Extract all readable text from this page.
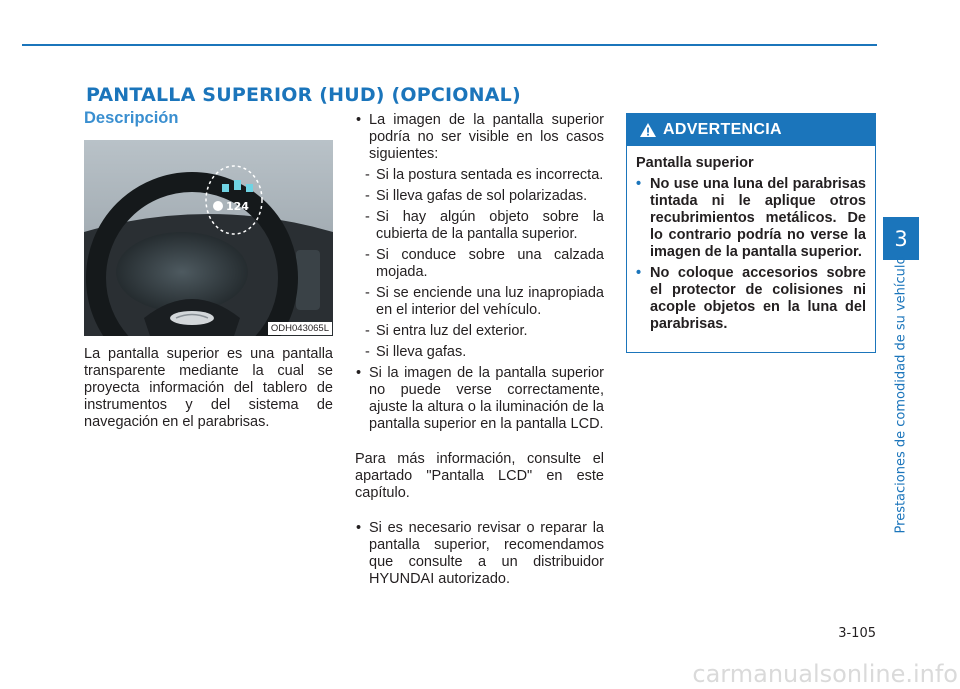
PANTALLA SUPERIOR (HUD) (OPCIONAL)
Descripción
124
ODH043065L

La pantalla superior es una pantalla transparente mediante la cual se proyecta información del tablero de instrumentos y del sistema de navegación en el parabrisas.

• La imagen de la pantalla superior podría no ser visible en los casos siguientes:

- Si la postura sentada es incorrecta.

- Si lleva gafas de sol polarizadas.

- Si hay algún objeto sobre la cubierta de la pantalla superior.

- Si conduce sobre una calzada mojada.

- Si se enciende una luz inapropiada en el interior del vehículo.

- Si entra luz del exterior.

- Si lleva gafas.

• Si la imagen de la pantalla superior no puede verse correctamente, ajuste la altura o la iluminación de la pantalla superior en la pantalla LCD.

Para más información, consulte el apartado "Pantalla LCD" en este capítulo.

• Si es necesario revisar o reparar la pantalla superior, recomendamos que consulte a un distribuidor HYUNDAI autorizado.

ADVERTENCIA

Pantalla superior

• No use una luna del parabrisas tintada ni le aplique otros recubrimientos metálicos. De lo contrario podría no verse la imagen de la pantalla superior.

• No coloque accesorios sobre el protector de colisiones ni acople objetos en la luna del parabrisas.

3
Prestaciones de comodidad de su vehículo
3-105
carmanualsonline.info
